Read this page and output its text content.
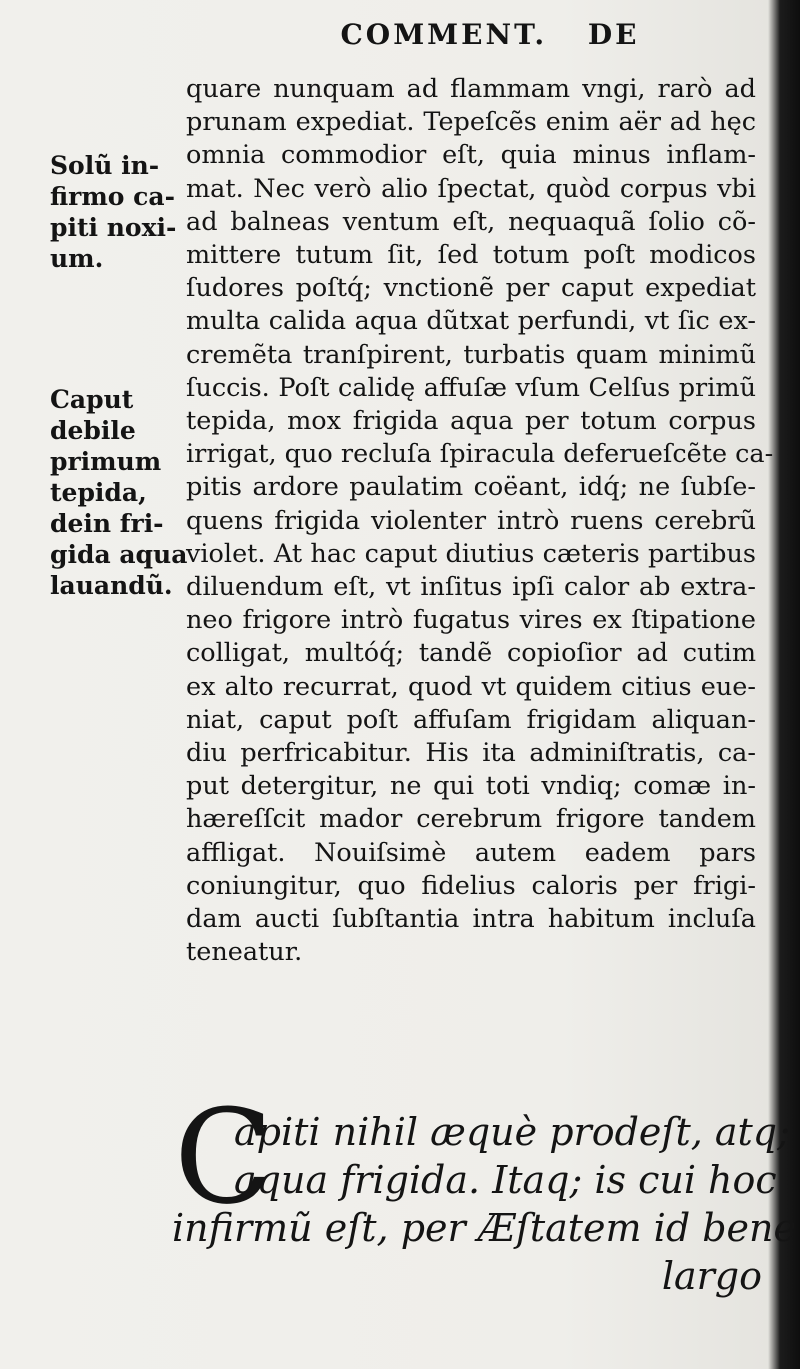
COMMENT. DE
Solũ in-
firmo ca-
piti noxi-
um.
Caput
debile
primum
tepida,
dein fri-
gida aqua
lauandũ.
quare nunquam ad flammam vngi, rarò ad
prunam expediat. Tepeſcẽs enim aër ad hęc
omnia commodior eſt, quia minus inflam-
mat. Nec verò alio ſpectat, quòd corpus vbi
ad balneas ventum eſt, nequaquã ſolio cõ-
mittere tutum ſit, ſed totum poſt modicos
ſudores poſtq́; vnctionẽ per caput expediat
multa calida aqua dũtxat perfundi, vt ſic ex-
cremẽta tranſpirent, turbatis quam minimũ
ſuccis. Poſt calidę affuſæ vſum Celſus primũ
tepida, mox frigida aqua per totum corpus
irrigat, quo recluſa ſpiracula deferueſcẽte ca-
pitis ardore paulatim coëant, idq́; ne ſubſe-
quens frigida violenter intrò ruens cerebrũ
violet. At hac caput diutius cæteris partibus
diluendum eſt, vt inſitus ipſi calor ab extra-
neo frigore intrò fugatus vires ex ſtipatione
colligat, multóq́; tandẽ copioſior ad cutim
ex alto recurrat, quod vt quidem citius eue-
niat, caput poſt affuſam frigidam aliquan-
diu perfricabitur. His ita adminiſtratis, ca-
put detergitur, ne qui toti vndiq; comæ in-
hæreſſcit mador cerebrum frigore tandem
affligat. Nouiſsimè autem eadem pars
coniungitur, quo fidelius caloris per frigi-
dam aucti ſubſtantia intra habitum incluſa
teneatur.
C
apiti nihil æquè prodeſt, atq;
aqua frigida. Itaq; is cui hoc
infirmũ eſt, per Æſtatem id bene
largo
